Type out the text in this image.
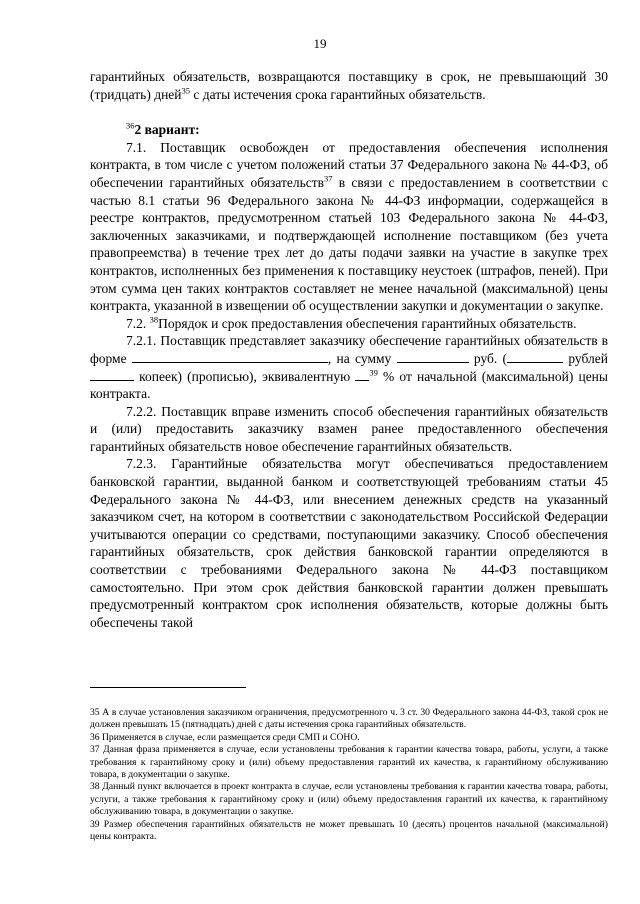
19

гарантийных обязательств, возвращаются поставщику в срок, не превышающий 30 (тридцать) дней$^{35}$ с даты истечения срока гарантийных обязательств.

$^{36}$2 вариант:

7.1. Поставщик освобожден от предоставления обеспечения исполнения контракта, в том числе с учетом положений статьи 37 Федерального закона № 44-ФЗ, об обеспечении гарантийных обязательств$^{37}$ в связи с предоставлением в соответствии с частью 8.1 статьи 96 Федерального закона № 44-ФЗ информации, содержащейся в реестре контрактов, предусмотренном статьей 103 Федерального закона № 44-ФЗ, заключенных заказчиками, и подтверждающей исполнение поставщиком (без учета правопреемства) в течение трех лет до даты подачи заявки на участие в закупке трех контрактов, исполненных без применения к поставщику неустоек (штрафов, пеней). При этом сумма цен таких контрактов составляет не менее начальной (максимальной) цены контракта, указанной в извещении об осуществлении закупки и документации о закупке.

7.2. $^{38}$Порядок и срок предоставления обеспечения гарантийных обязательств.

7.2.1. Поставщик представляет заказчику обеспечение гарантийных обязательств в форме	, на сумму	руб. (	рублей  копеек) (прописью), эквивалентную $^{39}$ % от начальной (максимальной) цены контракта.

7.2.2. Поставщик вправе изменить способ обеспечения гарантийных обязательств и (или) предоставить заказчику взамен ранее предоставленного обеспечения гарантийных обязательств новое обеспечение гарантийных обязательств.

7.2.3. Гарантийные обязательства могут обеспечиваться предоставлением банковской гарантии, выданной банком и соответствующей требованиям статьи 45 Федерального закона № 44-ФЗ, или внесением денежных средств на указанный заказчиком счет, на котором в соответствии с законодательством Российской Федерации учитываются операции со средствами, поступающими заказчику. Способ обеспечения гарантийных обязательств, срок действия банковской гарантии определяются в соответствии с требованиями Федерального закона № 44-ФЗ поставщиком самостоятельно. При этом срок действия банковской гарантии должен превышать предусмотренный контрактом срок исполнения обязательств, которые должны быть обеспечены такой

35 А в случае установления заказчиком ограничения, предусмотренного ч. 3 ст. 30 Федерального закона 44-ФЗ, такой срок не должен превышать 15 (пятнадцать) дней с даты истечения срока гарантийных обязательств.

36 Применяется в случае, если размещается среди СМП и СОНО.

37 Данная фраза применяется в случае, если установлены требования к гарантии качества товара, работы, услуги, а также требования к гарантийному сроку и (или) объему предоставления гарантий их качества, к гарантийному обслуживанию товара, в документации о закупке.

38 Данный пункт включается в проект контракта в случае, если установлены требования к гарантии качества товара, работы, услуги, а также требования к гарантийному сроку и (или) объему предоставления гарантий их качества, к гарантийному обслуживанию товара, в документации о закупке.

39 Размер обеспечения гарантийных обязательств не может превышать 10 (десять) процентов начальной (максимальной) цены контракта.
